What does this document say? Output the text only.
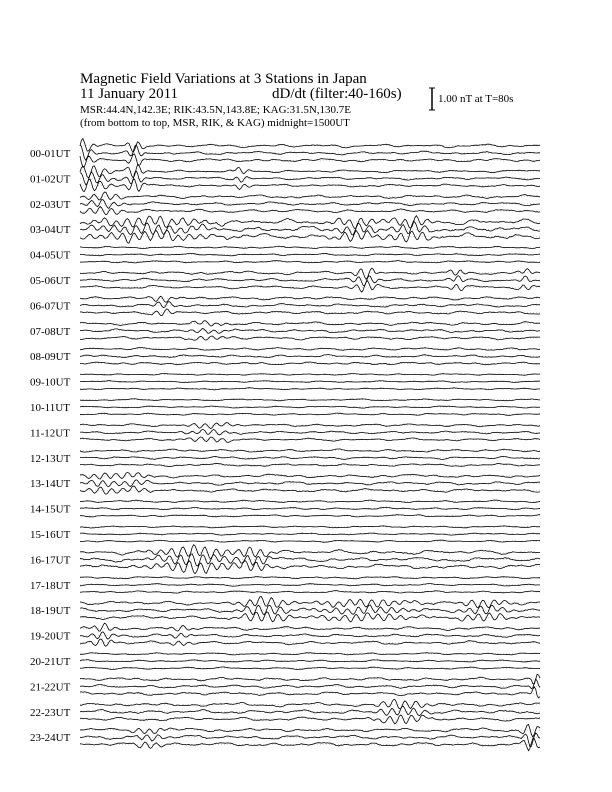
Magnetic Field Variations at 3 Stations in Japan
11 January 2011	dD/dt (filter:40-160s)
MSR:44.4N,142.3E; RIK:43.5N,143.8E; KAG:31.5N,130.7E
(from bottom to top, MSR, RIK, & KAG) midnight=1500UT
1.00 nT at T=80s
00-01UT
01-02UT
02-03UT
03-04UT
04-05UT
05-06UT
06-07UT
07-08UT
08-09UT
09-10UT
10-11UT
11-12UT
12-13UT
13-14UT
14-15UT
15-16UT
16-17UT
17-18UT
18-19UT
19-20UT
20-21UT
21-22UT
22-23UT
23-24UT
